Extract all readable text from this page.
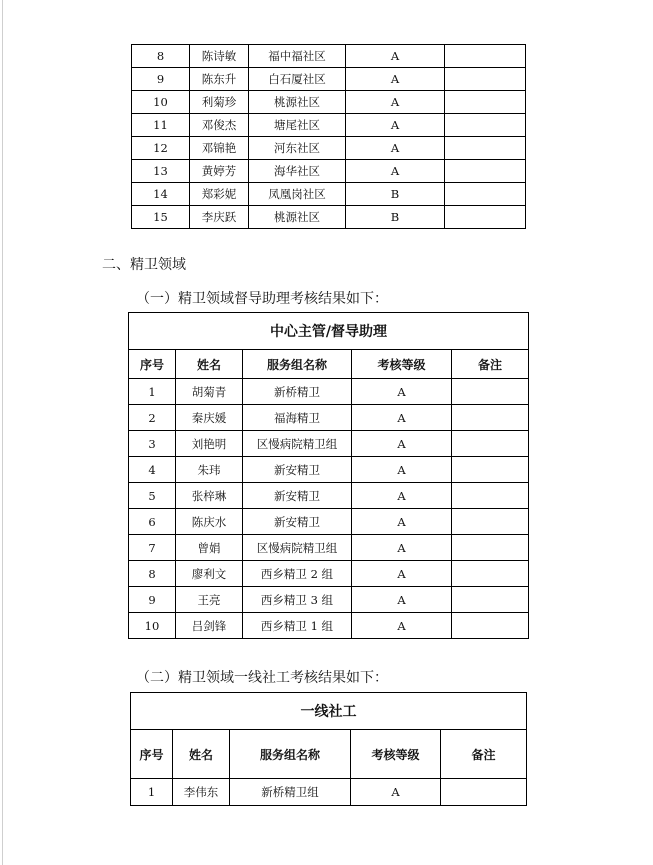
8	陈诗敏	福中福社区	A	
9	陈东升	白石厦社区	A	
10	利菊珍	桃源社区	A	
11	邓俊杰	塘尾社区	A	
12	邓锦艳	河东社区	A	
13	黄婷芳	海华社区	A	
14	郑彩妮	凤凰岗社区	B	
15	李庆跃	桃源社区	B	
二、精卫领域
（一）精卫领域督导助理考核结果如下：
中心主管/督导助理				
序号	姓名	服务组名称	考核等级	备注
1	胡菊青	新桥精卫	A	
2	秦庆媛	福海精卫	A	
3	刘艳明	区慢病院精卫组	A	
4	朱玮	新安精卫	A	
5	张梓琳	新安精卫	A	
6	陈庆水	新安精卫	A	
7	曾娟	区慢病院精卫组	A	
8	廖利文	西乡精卫 2 组	A	
9	王亮	西乡精卫 3 组	A	
10	吕剑锋	西乡精卫 1 组	A	
（二）精卫领域一线社工考核结果如下：
一线社工				
序号	姓名	服务组名称	考核等级	备注
1	李伟东	新桥精卫组	A	
